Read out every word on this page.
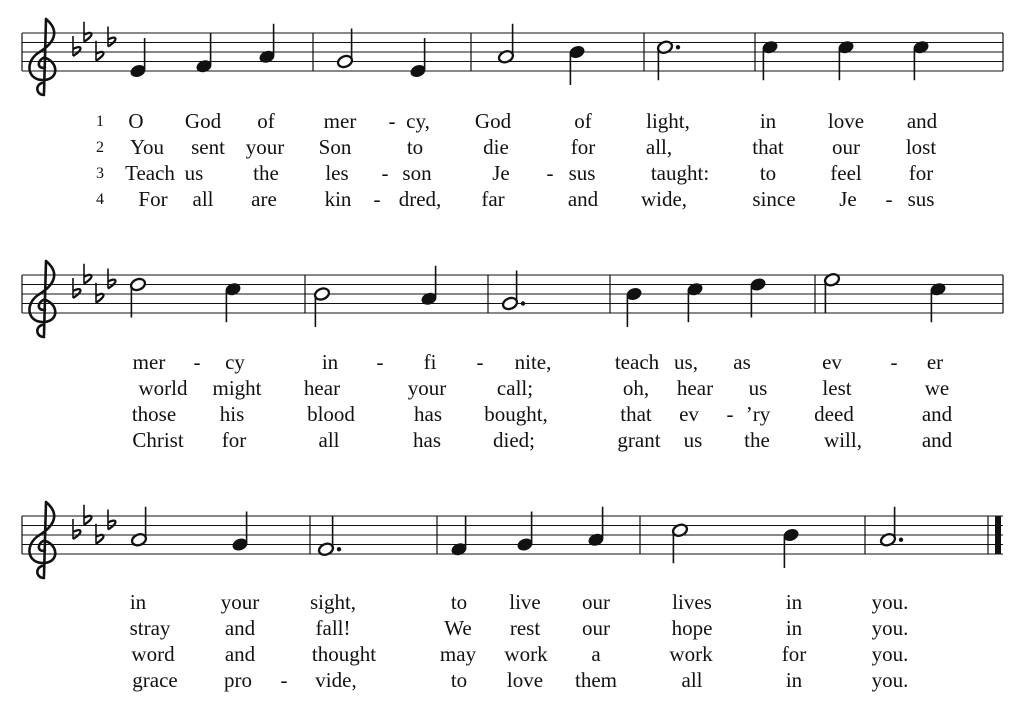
1 O God of mer - cy, God	of	light,	in love and
2 You sent your Son	to	die	for all,	that our lost
3 Teach us the les - son	Je - sus	taught: to	feel for
4 For all are kin - dred, far	and wide,	since Je - sus
mer - cy	in - fi - nite,	teach us, as	ev - er
world might hear	your call;	oh, hear us	lest	we
those his	blood	has bought,	that ev - ’ry deed	and
Christ for	all	has died;	grant us the	will,	and
in	your sight,	to live our	lives	in	you.
stray	and	fall!	We rest our	hope	in	you.
word and	thought	may work a	work	for	you.
grace pro - vide,	to love them	all	in	you.
